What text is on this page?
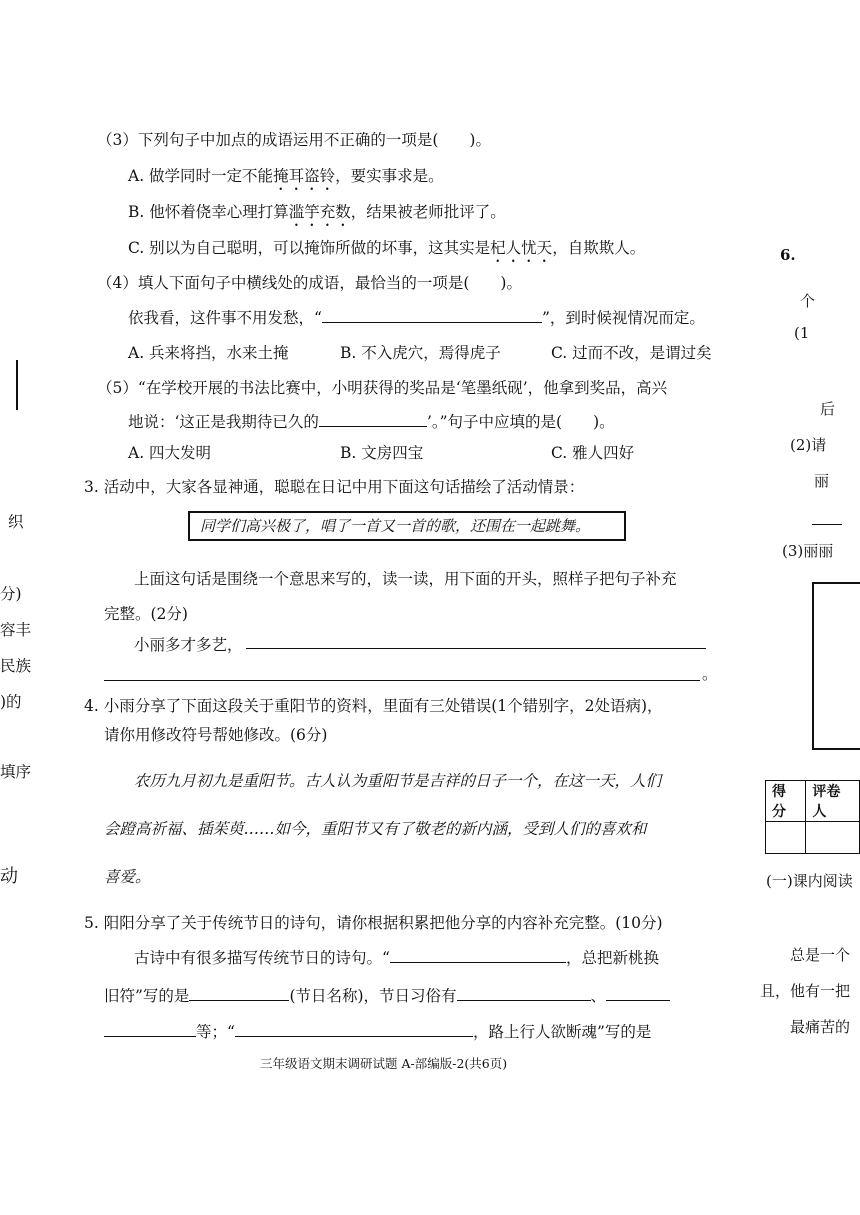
织
分)
容丰
民族
)的
填序
动
（3）下列句子中加点的成语运用不正确的一项是(　　)。
A. 做学同时一定不能掩耳盗铃，要实事求是。
B. 他怀着侥幸心理打算滥竽充数，结果被老师批评了。
C. 别以为自己聪明，可以掩饰所做的坏事，这其实是杞人忧天，自欺欺人。
（4）填人下面句子中横线处的成语，最恰当的一项是(　　)。
依我看，这件事不用发愁，“	”，到时候视情况而定。
A. 兵来将挡，水来土掩	B. 不入虎穴，焉得虎子	C. 过而不改，是谓过矣
（5）“在学校开展的书法比赛中，小明获得的奖品是‘笔墨纸砚’，他拿到奖品，高兴
地说：‘这正是我期待已久的	’。”句子中应填的是(　　)。
A. 四大发明	B. 文房四宝	C. 雅人四好
3. 活动中，大家各显神通，聪聪在日记中用下面这句话描绘了活动情景：
同学们高兴极了，唱了一首又一首的歌，还围在一起跳舞。
上面这句话是围绕一个意思来写的，读一读，用下面的开头，照样子把句子补充
完整。(2分)
小丽多才多艺，
。
4. 小雨分享了下面这段关于重阳节的资料，里面有三处错误(1个错别字，2处语病)，
请你用修改符号帮她修改。(6分)
农历九月初九是重阳节。古人认为重阳节是吉祥的日子一个，在这一天，人们
会蹬高祈福、插茱萸……如今，重阳节又有了敬老的新内涵，受到人们的喜欢和
喜爱。
5. 阳阳分享了关于传统节日的诗句，请你根据积累把他分享的内容补充完整。(10分)
古诗中有很多描写传统节日的诗句。“	，总把新桃换
旧符”写的是	(节日名称)，节日习俗有	、
等；“	，路上行人欲断魂”写的是
三年级语文期末调研试题 A-部编版-2(共6页)
6.
个
(1
后
(2)请
丽
(3)丽丽
得分	评卷人

(一)课内阅读
总是一个
且，他有一把
最痛苦的
